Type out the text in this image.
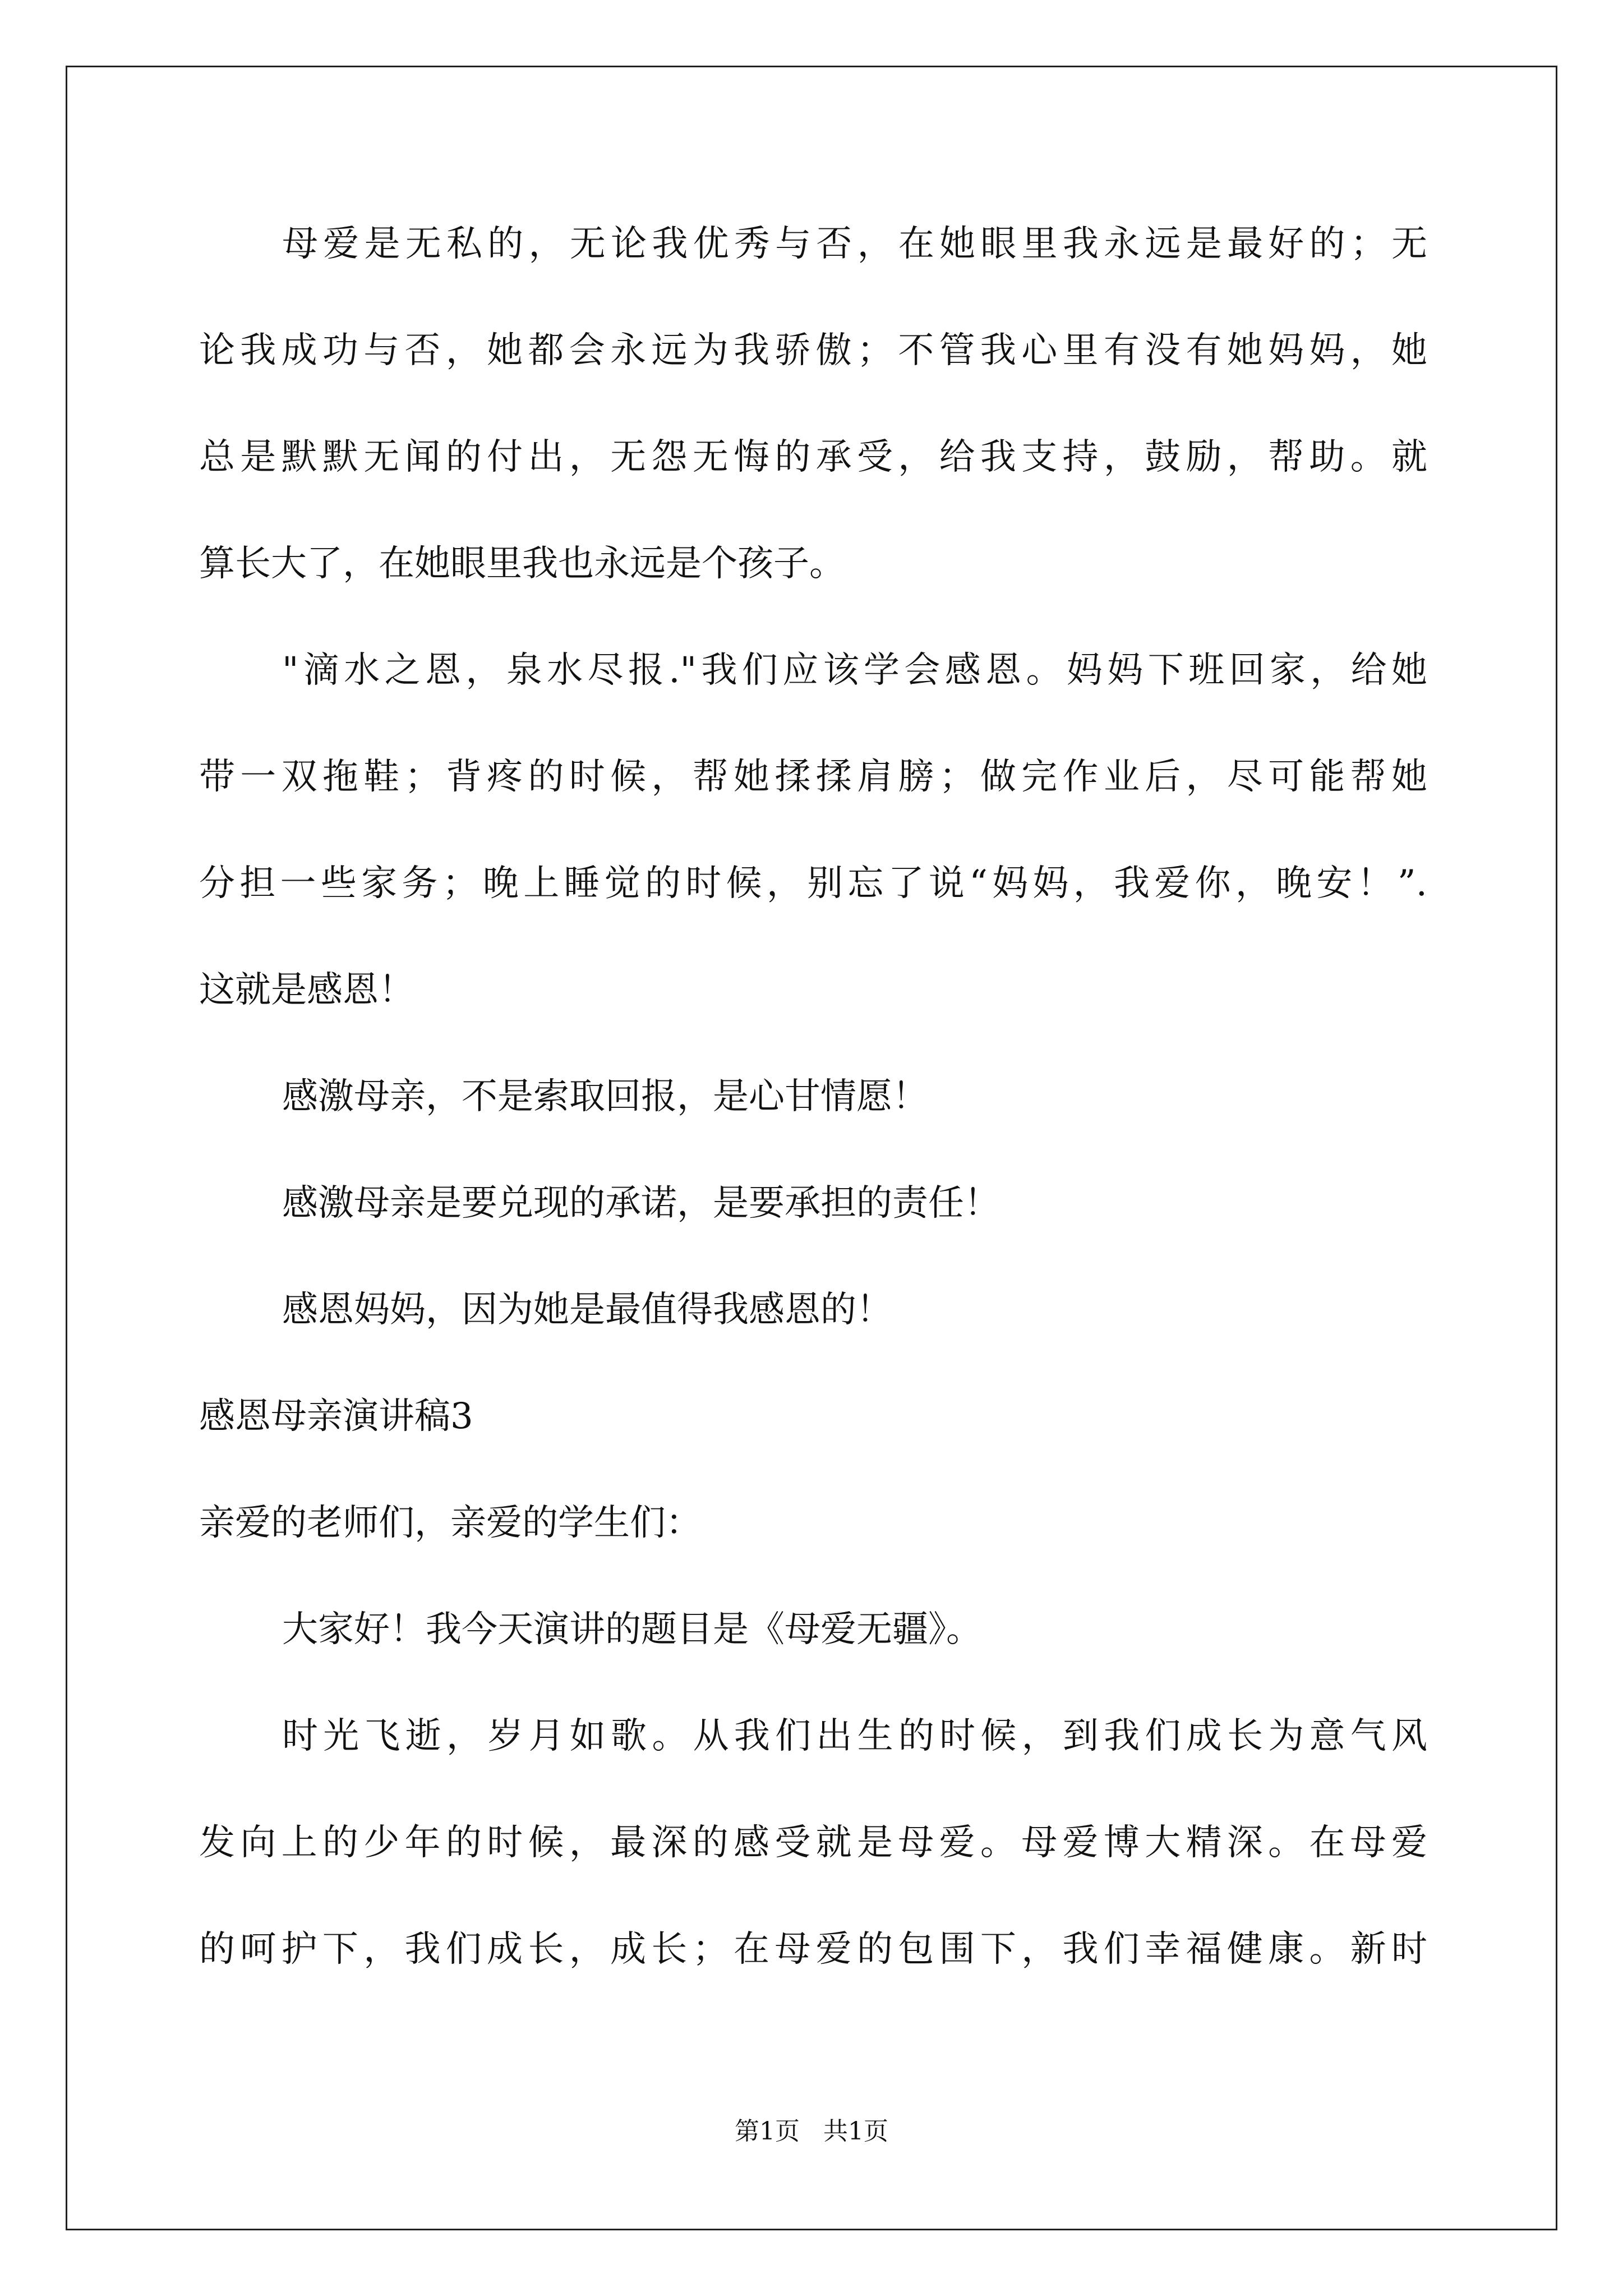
母爱是无私的，无论我优秀与否，在她眼里我永远是最好的；无
论我成功与否，她都会永远为我骄傲；不管我心里有没有她妈妈，她
总是默默无闻的付出，无怨无悔的承受，给我支持，鼓励，帮助。就
算长大了，在她眼里我也永远是个孩子。
"滴水之恩，泉水尽报."我们应该学会感恩。妈妈下班回家，给她
带一双拖鞋；背疼的时候，帮她揉揉肩膀；做完作业后，尽可能帮她
分担一些家务；晚上睡觉的时候，别忘了说“妈妈，我爱你，晚安！”.
这就是感恩！
感激母亲，不是索取回报，是心甘情愿！
感激母亲是要兑现的承诺，是要承担的责任！
感恩妈妈，因为她是最值得我感恩的！
感恩母亲演讲稿3
亲爱的老师们，亲爱的学生们：
大家好！我今天演讲的题目是《母爱无疆》。
时光飞逝，岁月如歌。从我们出生的时候，到我们成长为意气风
发向上的少年的时候，最深的感受就是母爱。母爱博大精深。在母爱
的呵护下，我们成长，成长；在母爱的包围下，我们幸福健康。新时
第1页 共1页
